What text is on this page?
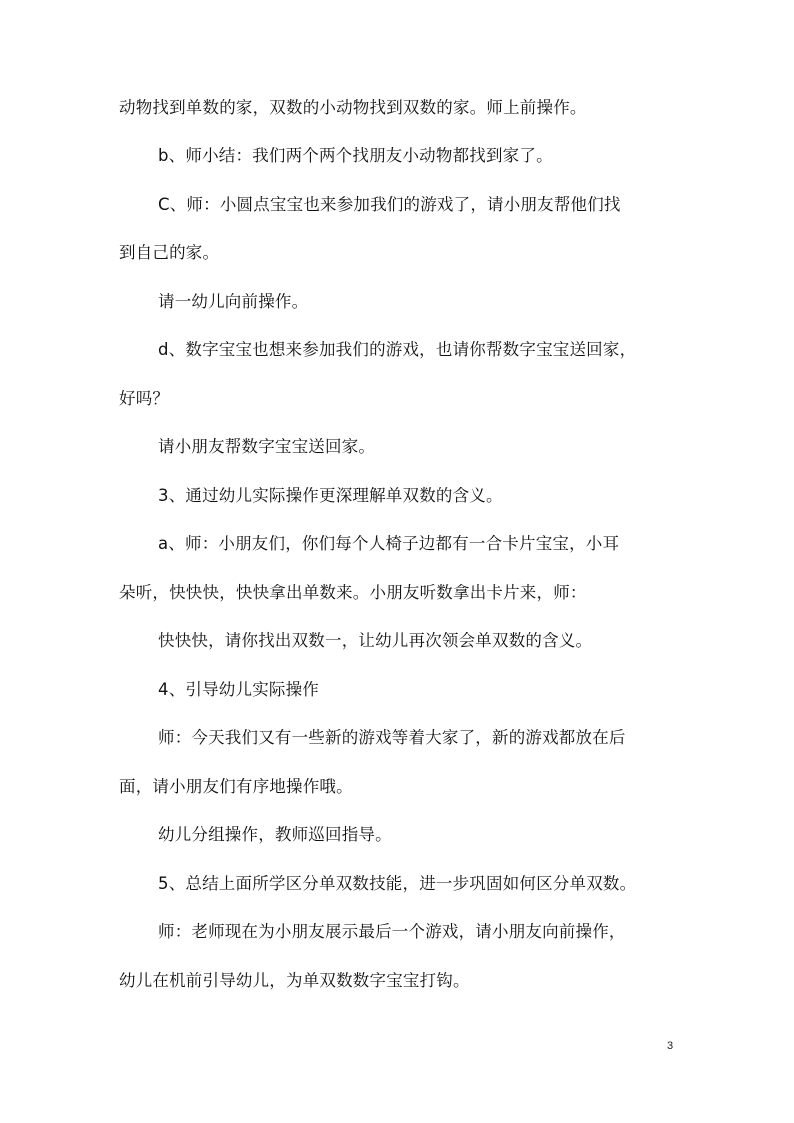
动物找到单数的家，双数的小动物找到双数的家。师上前操作。
b、师小结：我们两个两个找朋友小动物都找到家了。
C、师：小圆点宝宝也来参加我们的游戏了，请小朋友帮他们找
到自己的家。
请一幼儿向前操作。
d、数字宝宝也想来参加我们的游戏，也请你帮数字宝宝送回家，
好吗？
请小朋友帮数字宝宝送回家。
3、通过幼儿实际操作更深理解单双数的含义。
a、师：小朋友们，你们每个人椅子边都有一合卡片宝宝，小耳
朵听，快快快，快快拿出单数来。小朋友听数拿出卡片来，师：
快快快，请你找出双数一，让幼儿再次领会单双数的含义。
4、引导幼儿实际操作
师：今天我们又有一些新的游戏等着大家了，新的游戏都放在后
面，请小朋友们有序地操作哦。
幼儿分组操作，教师巡回指导。
5、总结上面所学区分单双数技能，进一步巩固如何区分单双数。
师：老师现在为小朋友展示最后一个游戏，请小朋友向前操作，
幼儿在机前引导幼儿，为单双数数字宝宝打钩。
3
